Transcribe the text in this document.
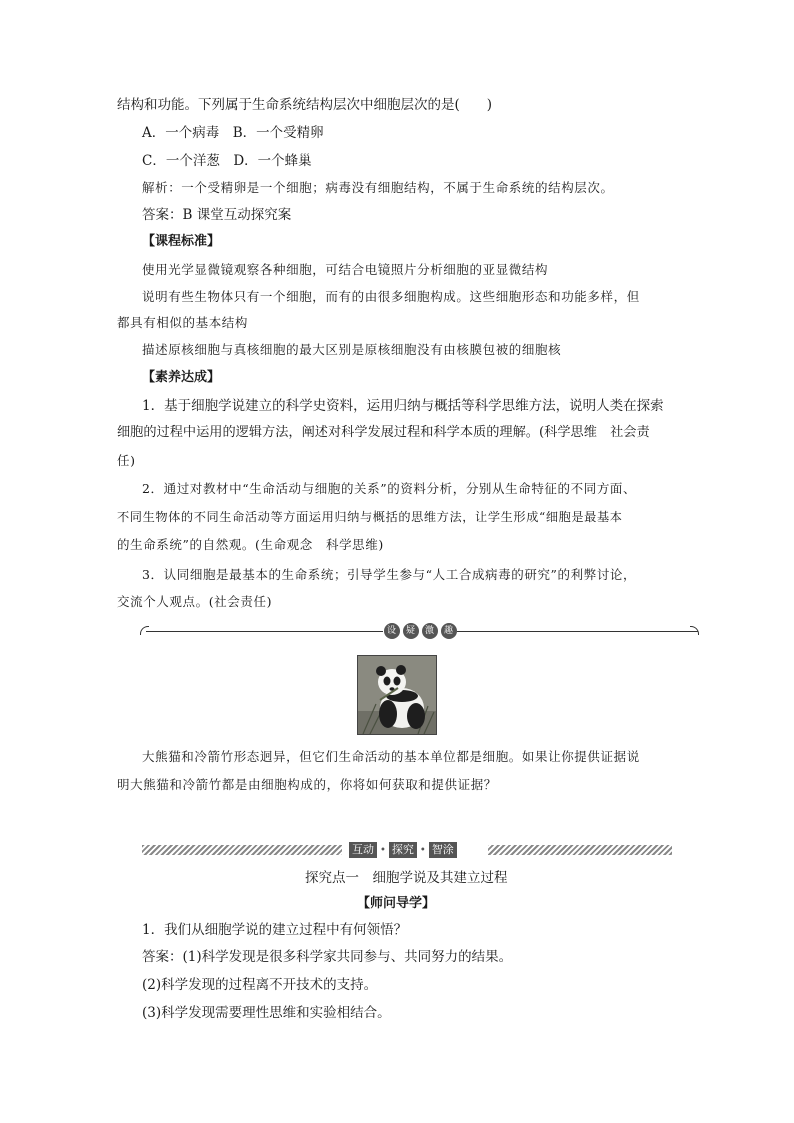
结构和功能。下列属于生命系统结构层次中细胞层次的是(　　)
A．一个病毒　B．一个受精卵
C．一个洋葱　D．一个蜂巢
解析：一个受精卵是一个细胞；病毒没有细胞结构，不属于生命系统的结构层次。
答案：B 课堂互动探究案
【课程标准】
使用光学显微镜观察各种细胞，可结合电镜照片分析细胞的亚显微结构
说明有些生物体只有一个细胞，而有的由很多细胞构成。这些细胞形态和功能多样，但
都具有相似的基本结构
描述原核细胞与真核细胞的最大区别是原核细胞没有由核膜包被的细胞核
【素养达成】
1．基于细胞学说建立的科学史资料，运用归纳与概括等科学思维方法，说明人类在探索
细胞的过程中运用的逻辑方法，阐述对科学发展过程和科学本质的理解。(科学思维　社会责
任)
2．通过对教材中“生命活动与细胞的关系”的资料分析，分别从生命特征的不同方面、
不同生物体的不同生命活动等方面运用归纳与概括的思维方法，让学生形成“细胞是最基本
的生命系统”的自然观。(生命观念　科学思维)
3．认同细胞是最基本的生命系统；引导学生参与“人工合成病毒的研究”的利弊讨论，
交流个人观点。(社会责任)
设	疑	激	趣
大熊猫和冷箭竹形态迥异，但它们生命活动的基本单位都是细胞。如果让你提供证据说
明大熊猫和冷箭竹都是由细胞构成的，你将如何获取和提供证据？
互动 • 探究 • 智涂
探究点一　细胞学说及其建立过程
【师问导学】
1．我们从细胞学说的建立过程中有何领悟？
答案：(1)科学发现是很多科学家共同参与、共同努力的结果。
(2)科学发现的过程离不开技术的支持。
(3)科学发现需要理性思维和实验相结合。
